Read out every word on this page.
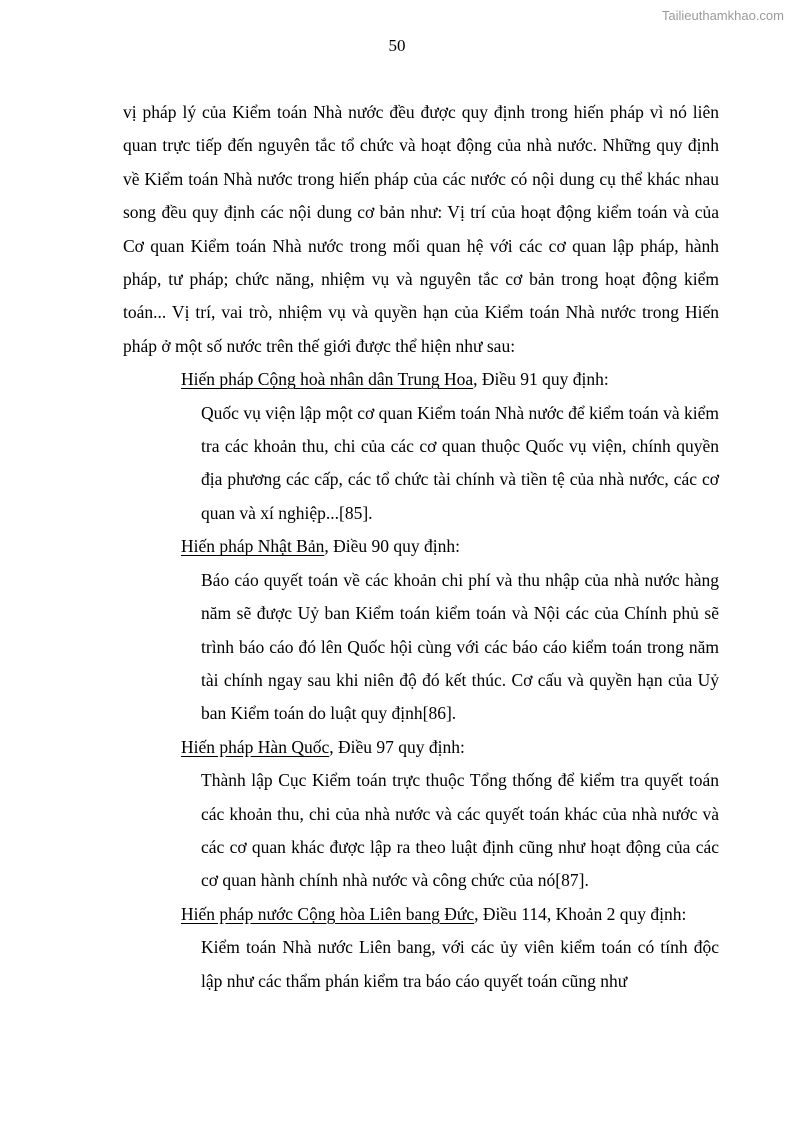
Tailieuthamkhao.com
50

vị pháp lý của Kiểm toán Nhà nước đều được quy định trong hiến pháp vì nó liên quan trực tiếp đến nguyên tắc tổ chức và hoạt động của nhà nước. Những quy định về Kiểm toán Nhà nước trong hiến pháp của các nước có nội dung cụ thể khác nhau song đều quy định các nội dung cơ bản như: Vị trí của hoạt động kiểm toán và của Cơ quan Kiểm toán Nhà nước trong mối quan hệ với các cơ quan lập pháp, hành pháp, tư pháp; chức năng, nhiệm vụ và nguyên tắc cơ bản trong hoạt động kiểm toán... Vị trí, vai trò, nhiệm vụ và quyền hạn của Kiểm toán Nhà nước trong Hiến pháp ở một số nước trên thế giới được thể hiện như sau:

Hiến pháp Cộng hoà nhân dân Trung Hoa, Điều 91 quy định:

Quốc vụ viện lập một cơ quan Kiểm toán Nhà nước để kiểm toán và kiểm tra các khoản thu, chi của các cơ quan thuộc Quốc vụ viện, chính quyền địa phương các cấp, các tổ chức tài chính và tiền tệ của nhà nước, các cơ quan và xí nghiệp...[85].

Hiến pháp Nhật Bản, Điều 90 quy định:

Báo cáo quyết toán về các khoản chi phí và thu nhập của nhà nước hàng năm sẽ được Uỷ ban Kiểm toán kiểm toán và Nội các của Chính phủ sẽ trình báo cáo đó lên Quốc hội cùng với các báo cáo kiểm toán trong năm tài chính ngay sau khi niên độ đó kết thúc. Cơ cấu và quyền hạn của Uỷ ban Kiểm toán do luật quy định[86].

Hiến pháp Hàn Quốc, Điều 97 quy định:

Thành lập Cục Kiểm toán trực thuộc Tổng thống để kiểm tra quyết toán các khoản thu, chi của nhà nước và các quyết toán khác của nhà nước và các cơ quan khác được lập ra theo luật định cũng như hoạt động của các cơ quan hành chính nhà nước và công chức của nó[87].

Hiến pháp nước Cộng hòa Liên bang Đức, Điều 114, Khoản 2 quy định:

Kiểm toán Nhà nước Liên bang, với các ủy viên kiểm toán có tính độc lập như các thẩm phán kiểm tra báo cáo quyết toán cũng như
